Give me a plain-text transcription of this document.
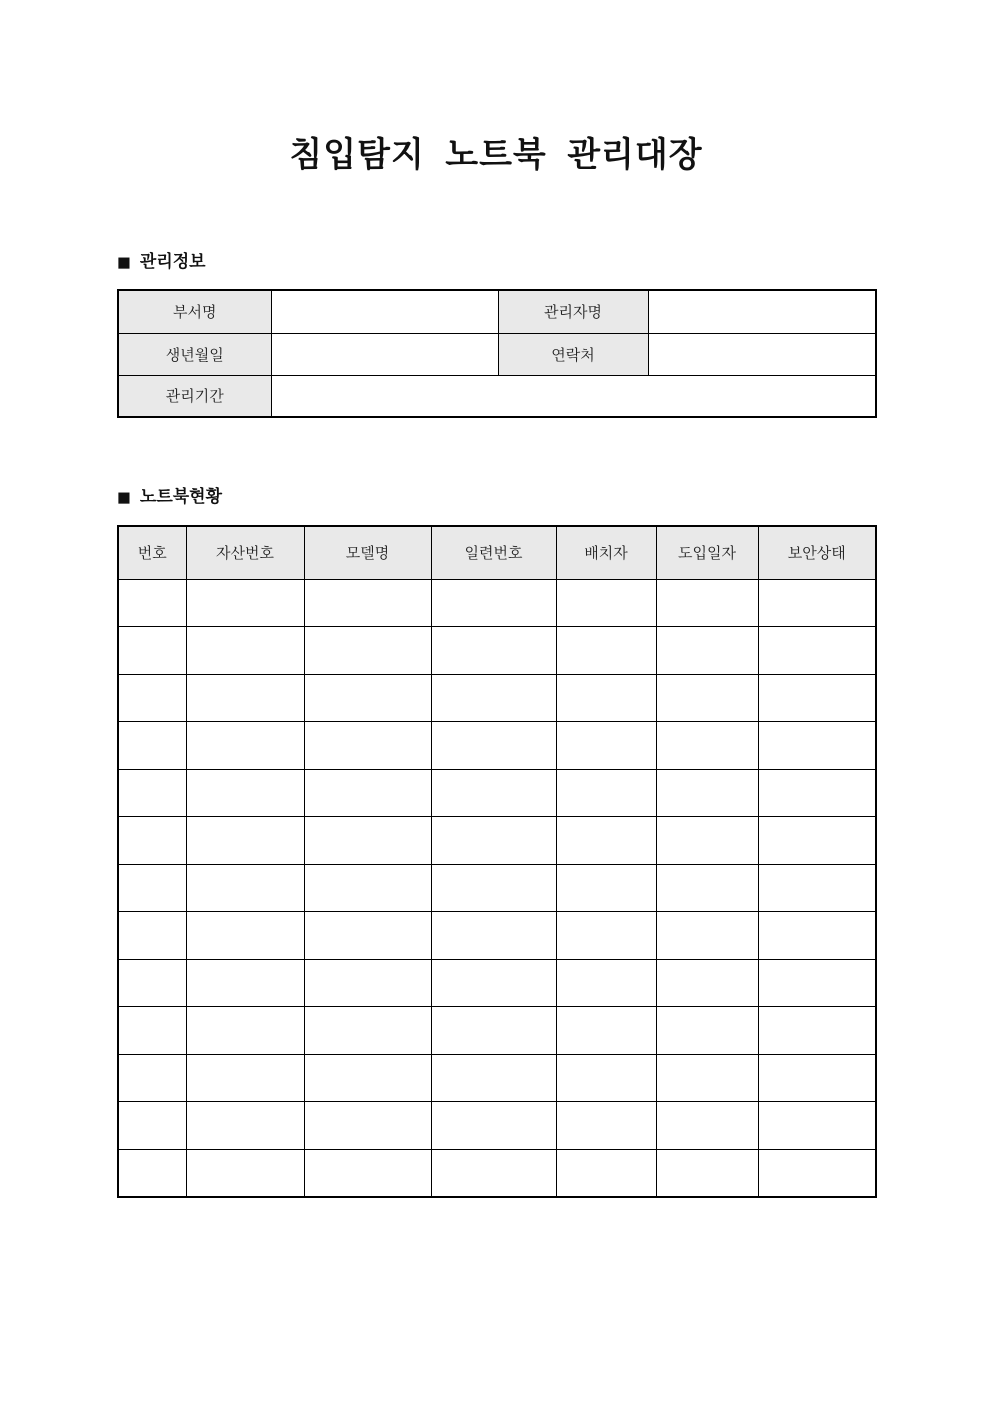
침입탐지 노트북 관리대장
■ 관리정보
부서명		관리자명	
생년월일		연락처	
관리기간			
■ 노트북현황
번호	자산번호	모델명	일련번호	배치자	도입일자	보안상태
